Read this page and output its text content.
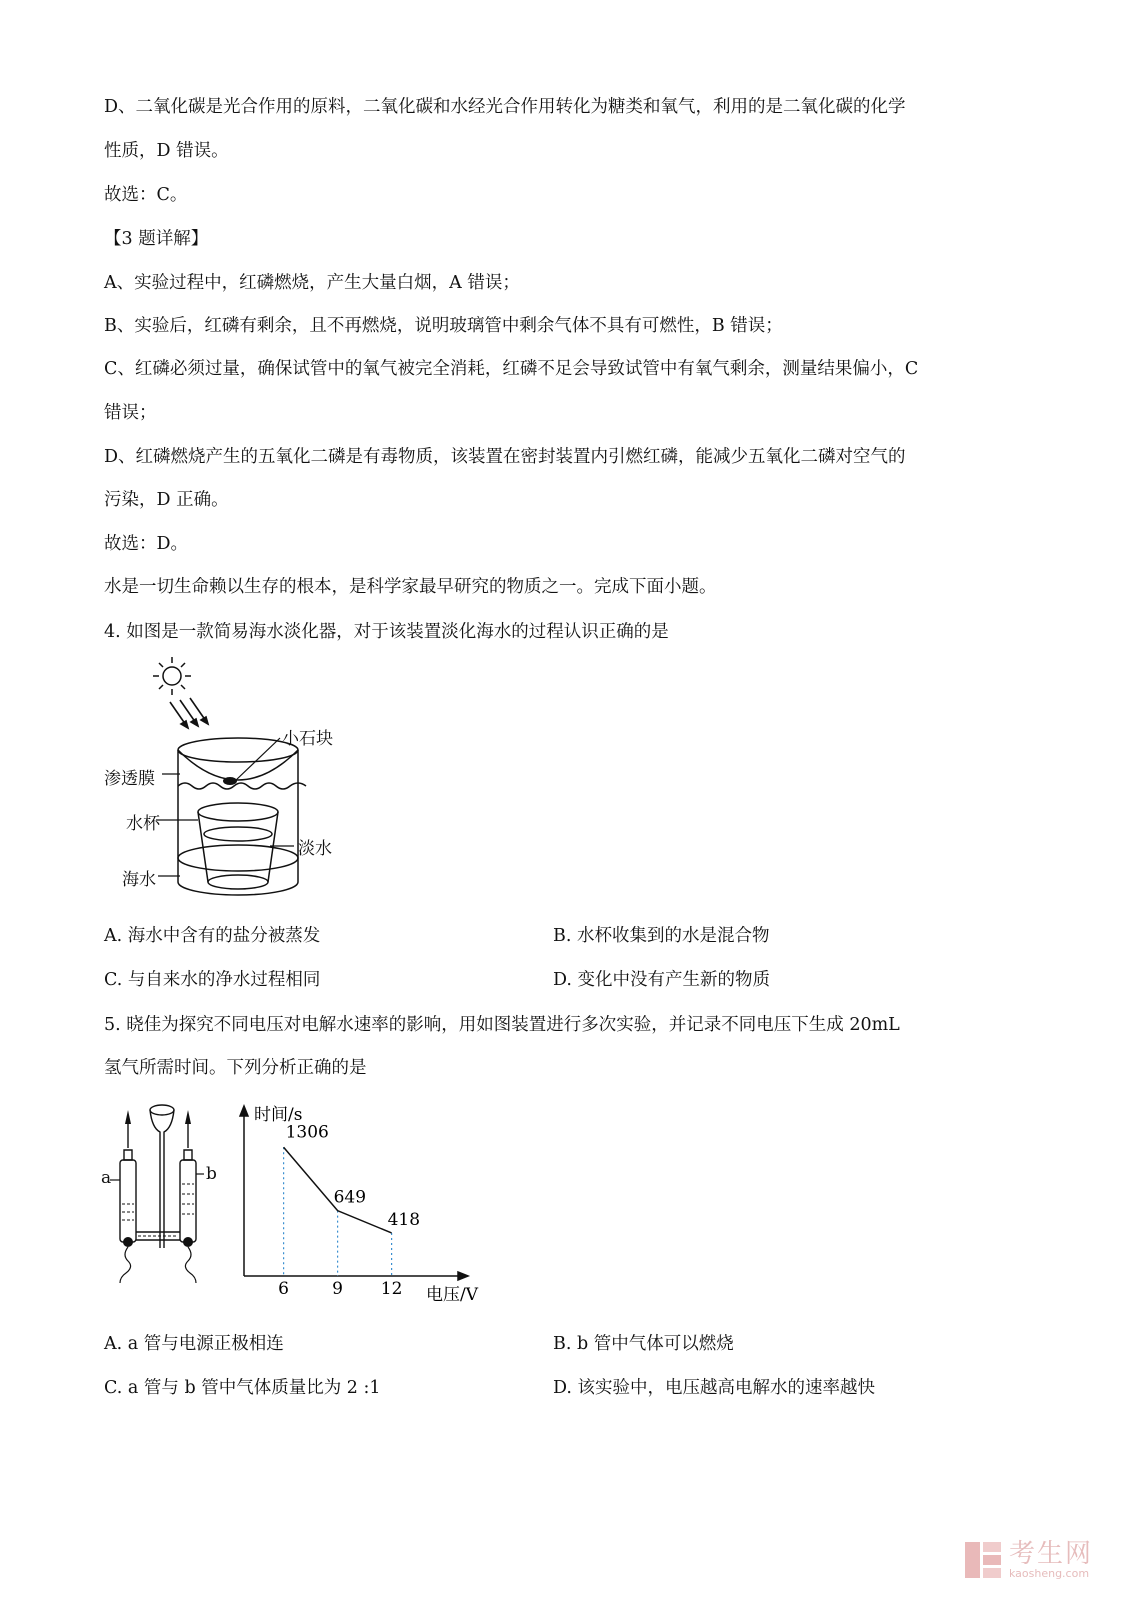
D、二氧化碳是光合作用的原料，二氧化碳和水经光合作用转化为糖类和氧气，利用的是二氧化碳的化学
性质，D 错误。
故选：C。
【3 题详解】
A、实验过程中，红磷燃烧，产生大量白烟，A 错误；
B、实验后，红磷有剩余，且不再燃烧，说明玻璃管中剩余气体不具有可燃性，B 错误；
C、红磷必须过量，确保试管中的氧气被完全消耗，红磷不足会导致试管中有氧气剩余，测量结果偏小，C
错误；
D、红磷燃烧产生的五氧化二磷是有毒物质，该装置在密封装置内引燃红磷，能减少五氧化二磷对空气的
污染，D 正确。
故选：D。
水是一切生命赖以生存的根本，是科学家最早研究的物质之一。完成下面小题。
4. 如图是一款简易海水淡化器，对于该装置淡化海水的过程认识正确的是
小石块
渗透膜
水杯
淡水
海水
A. 海水中含有的盐分被蒸发	B. 水杯收集到的水是混合物
C. 与自来水的净水过程相同	D. 变化中没有产生新的物质
5. 晓佳为探究不同电压对电解水速率的影响，用如图装置进行多次实验，并记录不同电压下生成 20mL
氢气所需时间。下列分析正确的是
a	b
1306
6
649
9
418
12
时间/s
电压/V
A. a 管与电源正极相连	B. b 管中气体可以燃烧
C. a 管与 b 管中气体质量比为 2 :1	D. 该实验中，电压越高电解水的速率越快
考生网
kaosheng.com
